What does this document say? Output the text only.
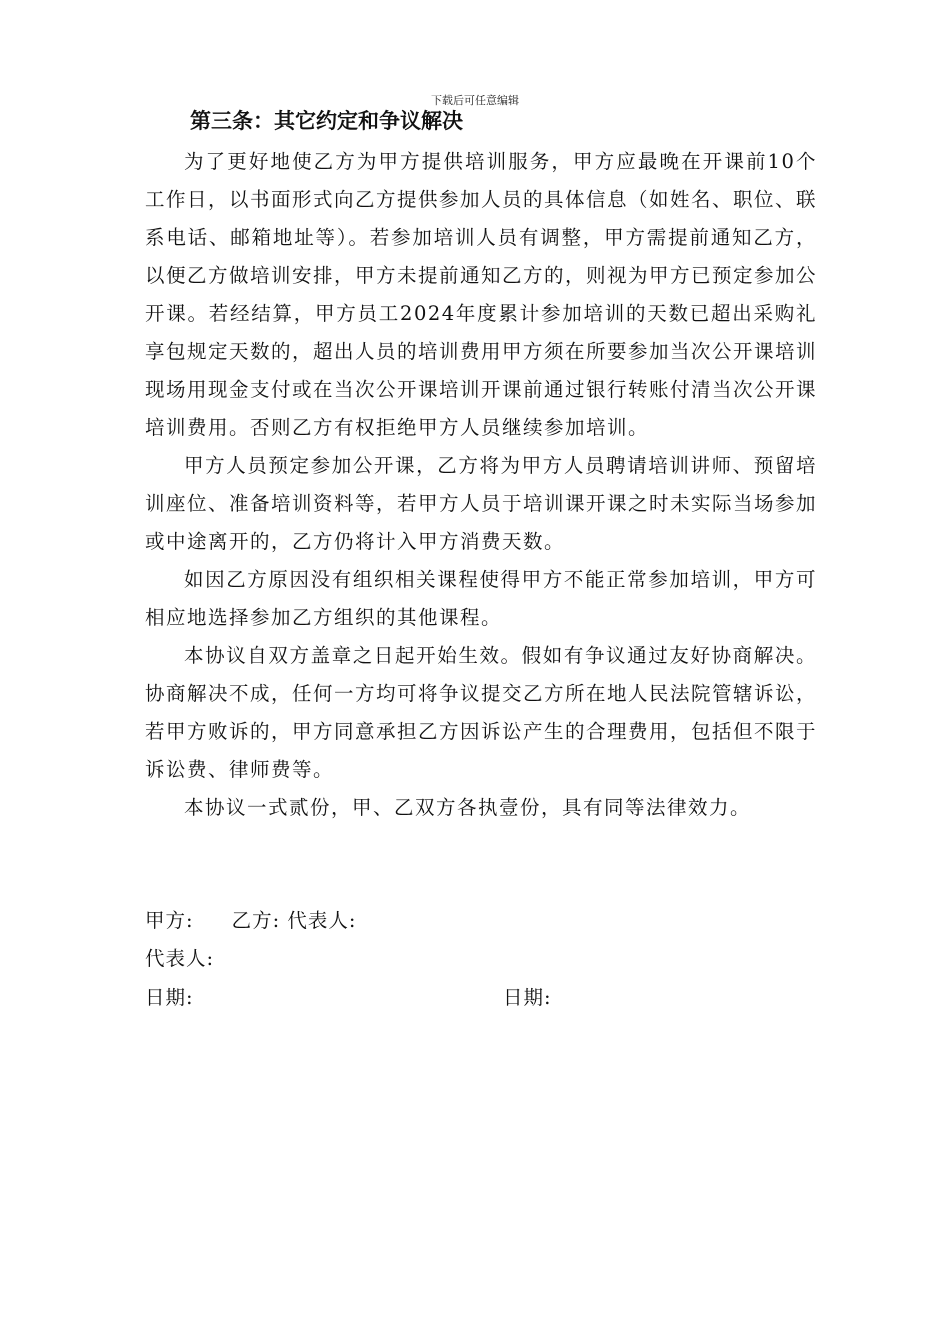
下载后可任意编辑
第三条：其它约定和争议解决

为了更好地使乙方为甲方提供培训服务，甲方应最晚在开课前10个工作日，以书面形式向乙方提供参加人员的具体信息（如姓名、职位、联系电话、邮箱地址等）。若参加培训人员有调整，甲方需提前通知乙方，以便乙方做培训安排，甲方未提前通知乙方的，则视为甲方已预定参加公开课。若经结算，甲方员工2024年度累计参加培训的天数已超出采购礼享包规定天数的，超出人员的培训费用甲方须在所要参加当次公开课培训现场用现金支付或在当次公开课培训开课前通过银行转账付清当次公开课培训费用。否则乙方有权拒绝甲方人员继续参加培训。

甲方人员预定参加公开课，乙方将为甲方人员聘请培训讲师、预留培训座位、准备培训资料等，若甲方人员于培训课开课之时未实际当场参加或中途离开的，乙方仍将计入甲方消费天数。

如因乙方原因没有组织相关课程使得甲方不能正常参加培训，甲方可相应地选择参加乙方组织的其他课程。

本协议自双方盖章之日起开始生效。假如有争议通过友好协商解决。协商解决不成，任何一方均可将争议提交乙方所在地人民法院管辖诉讼，若甲方败诉的，甲方同意承担乙方因诉讼产生的合理费用，包括但不限于诉讼费、律师费等。

本协议一式贰份，甲、乙双方各执壹份，具有同等法律效力。

甲方: 乙方: 代表人:
代表人:
日期:	日期:
